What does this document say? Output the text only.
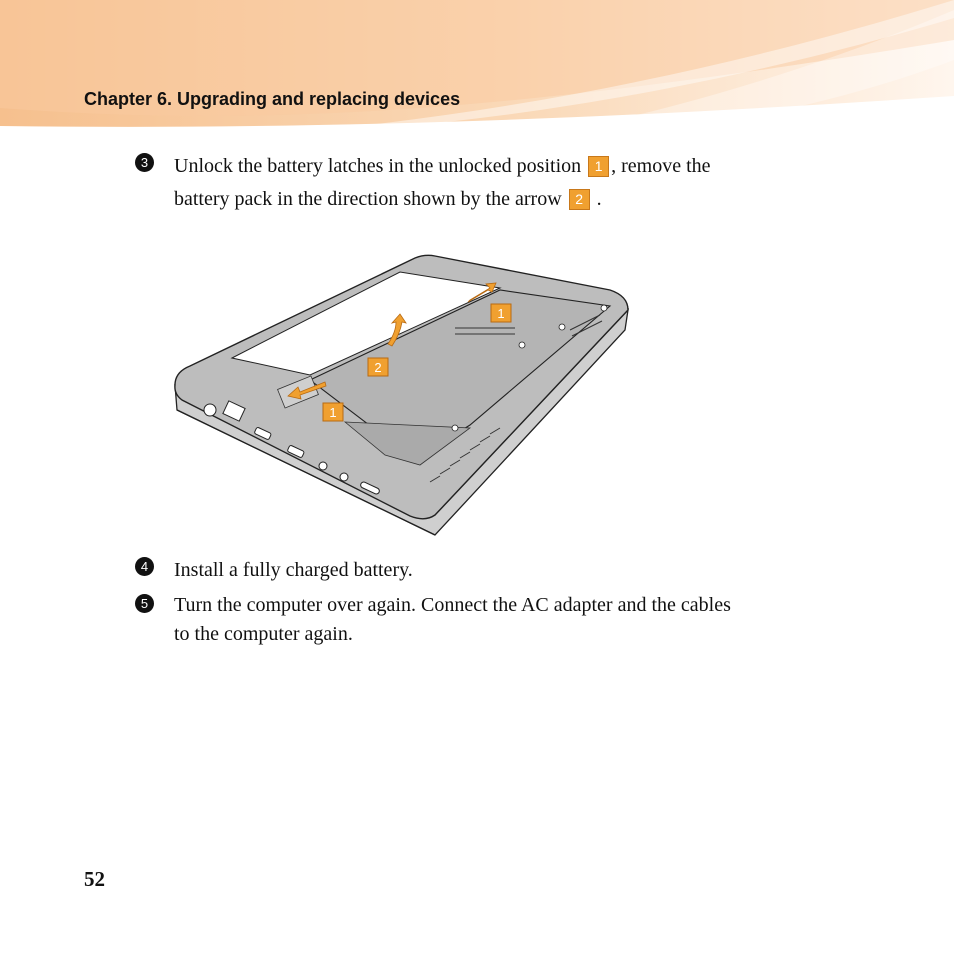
Chapter 6. Upgrading and replacing devices
3 Unlock the battery latches in the unlocked position 1 , remove the
battery pack in the direction shown by the arrow 2 .
1
2
1
4 Install a fully charged battery.
5 Turn the computer over again. Connect the AC adapter and the cables
to the computer again.
52
